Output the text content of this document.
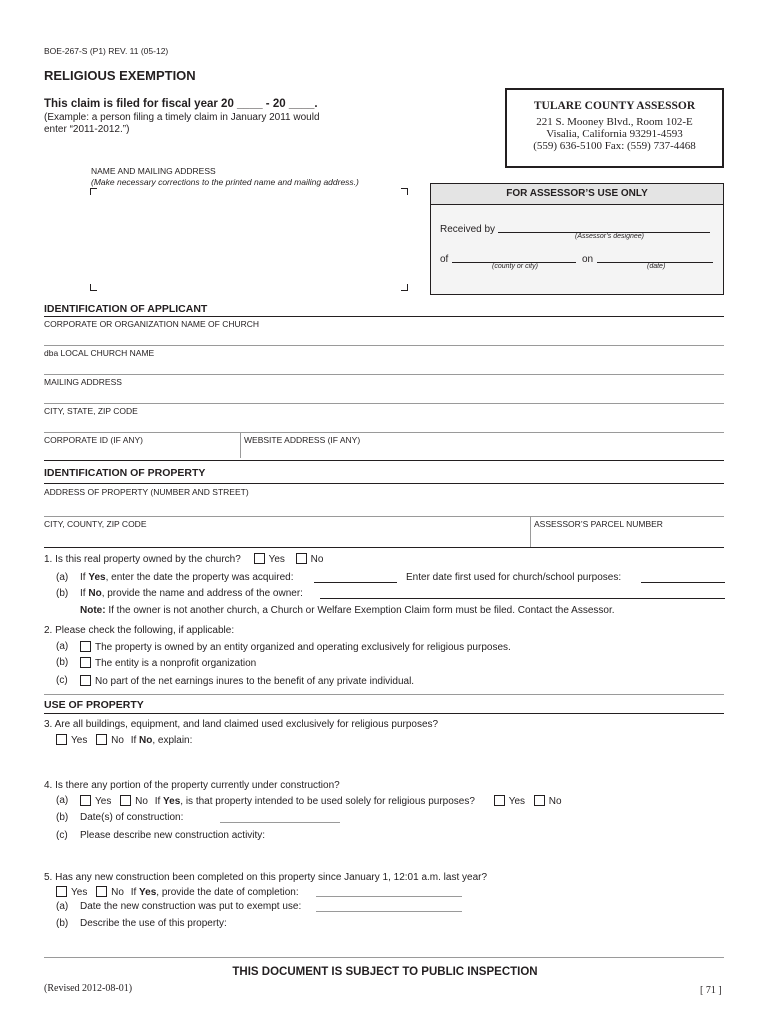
BOE-267-S (P1) REV. 11 (05-12)
RELIGIOUS EXEMPTION
This claim is filed for fiscal year 20 ____ - 20 ____.
(Example: a person filing a timely claim in January 2011 would
enter “2011-2012.”)
TULARE COUNTY ASSESSOR
221 S. Mooney Blvd., Room 102-E
Visalia, California 93291-4593
(559) 636-5100 Fax: (559) 737-4468
NAME AND MAILING ADDRESS
(Make necessary corrections to the printed name and mailing address.)
FOR ASSESSOR’S USE ONLY
Received by
(Assessor’s designee)
of
(county or city)
on
(date)
IDENTIFICATION OF APPLICANT
CORPORATE OR ORGANIZATION NAME OF CHURCH
dba LOCAL CHURCH NAME
MAILING ADDRESS
CITY, STATE, ZIP CODE
CORPORATE ID (IF ANY)	WEBSITE ADDRESS (IF ANY)
IDENTIFICATION OF PROPERTY
ADDRESS OF PROPERTY (NUMBER AND STREET)
CITY, COUNTY, ZIP CODE	ASSESSOR’S PARCEL NUMBER
1. Is this real property owned by the church?	Yes	No
(a) If Yes, enter the date the property was acquired:	Enter date first used for church/school purposes:
(b) If No, provide the name and address of the owner:
Note: If the owner is not another church, a Church or Welfare Exemption Claim form must be filed. Contact the Assessor.
2. Please check the following, if applicable:
(a)	The property is owned by an entity organized and operating exclusively for religious purposes.
(b)	The entity is a nonprofit organization
(c)	No part of the net earnings inures to the benefit of any private individual.
USE OF PROPERTY
3. Are all buildings, equipment, and land claimed used exclusively for religious purposes?
Yes No If No, explain:
4. Is there any portion of the property currently under construction?
(a)	Yes No If Yes, is that property intended to be used solely for religious purposes?	Yes No
(b) Date(s) of construction:
(c) Please describe new construction activity:
5. Has any new construction been completed on this property since January 1, 12:01 a.m. last year?
Yes No If Yes, provide the date of completion:
(a) Date the new construction was put to exempt use:
(b) Describe the use of this property:
THIS DOCUMENT IS SUBJECT TO PUBLIC INSPECTION
(Revised 2012-08-01)	[ 71 ]
